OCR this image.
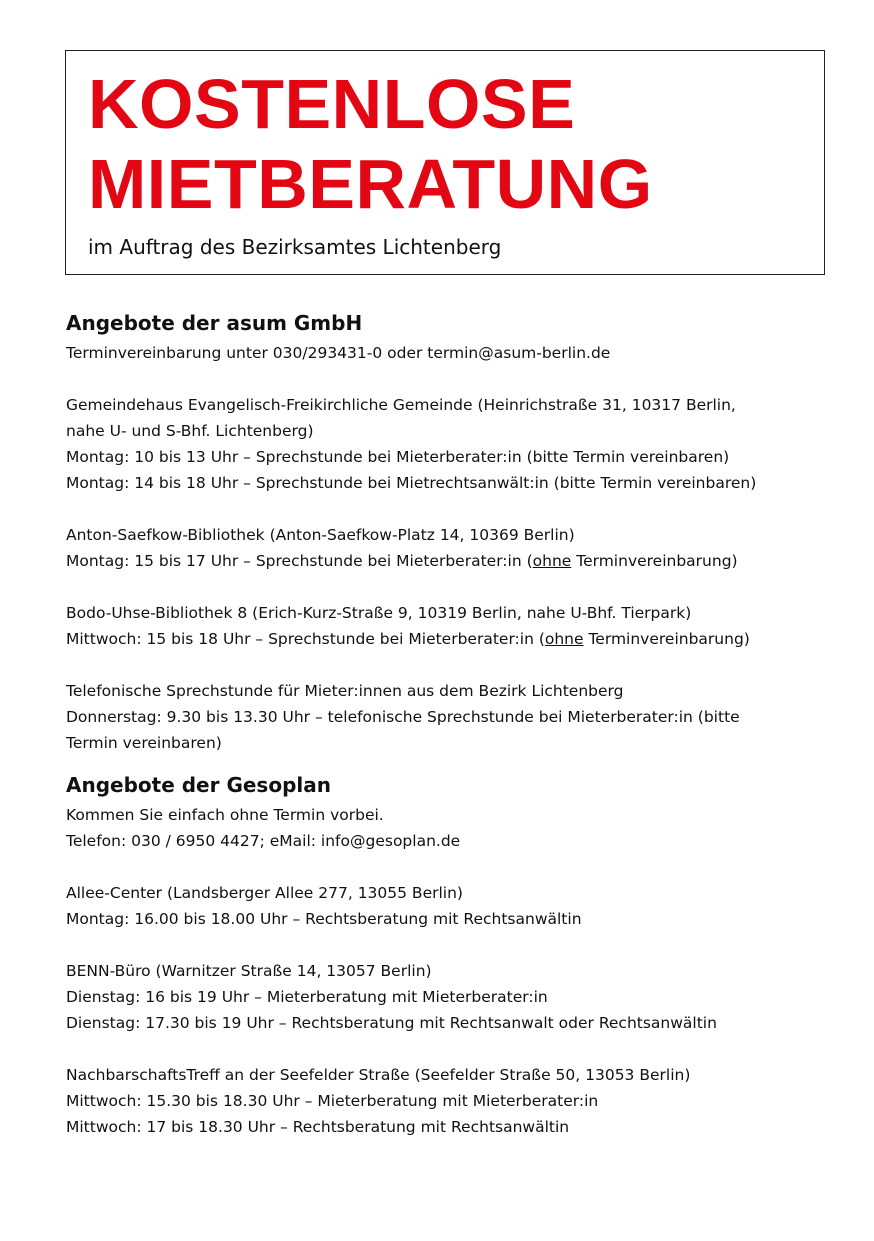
KOSTENLOSE
MIETBERATUNG
im Auftrag des Bezirksamtes Lichtenberg
Angebote der asum GmbH
Terminvereinbarung unter 030/293431-0 oder termin@asum-berlin.de
Gemeindehaus Evangelisch-Freikirchliche Gemeinde (Heinrichstraße 31, 10317 Berlin,
nahe U- und S-Bhf. Lichtenberg)
Montag: 10 bis 13 Uhr – Sprechstunde bei Mieterberater:in (bitte Termin vereinbaren)
Montag: 14 bis 18 Uhr – Sprechstunde bei Mietrechtsanwält:in (bitte Termin vereinbaren)
Anton-Saefkow-Bibliothek (Anton-Saefkow-Platz 14, 10369 Berlin)
Montag: 15 bis 17 Uhr – Sprechstunde bei Mieterberater:in (ohne Terminvereinbarung)
Bodo-Uhse-Bibliothek 8 (Erich-Kurz-Straße 9, 10319 Berlin, nahe U-Bhf. Tierpark)
Mittwoch: 15 bis 18 Uhr – Sprechstunde bei Mieterberater:in (ohne Terminvereinbarung)
Telefonische Sprechstunde für Mieter:innen aus dem Bezirk Lichtenberg
Donnerstag: 9.30 bis 13.30 Uhr – telefonische Sprechstunde bei Mieterberater:in (bitte
Termin vereinbaren)
Angebote der Gesoplan
Kommen Sie einfach ohne Termin vorbei.
Telefon: 030 / 6950 4427; eMail: info@gesoplan.de
Allee-Center (Landsberger Allee 277, 13055 Berlin)
Montag: 16.00 bis 18.00 Uhr – Rechtsberatung mit Rechtsanwältin
BENN-Büro (Warnitzer Straße 14, 13057 Berlin)
Dienstag: 16 bis 19 Uhr – Mieterberatung mit Mieterberater:in
Dienstag: 17.30 bis 19 Uhr – Rechtsberatung mit Rechtsanwalt oder Rechtsanwältin
NachbarschaftsTreff an der Seefelder Straße (Seefelder Straße 50, 13053 Berlin)
Mittwoch: 15.30 bis 18.30 Uhr – Mieterberatung mit Mieterberater:in
Mittwoch: 17 bis 18.30 Uhr – Rechtsberatung mit Rechtsanwältin
